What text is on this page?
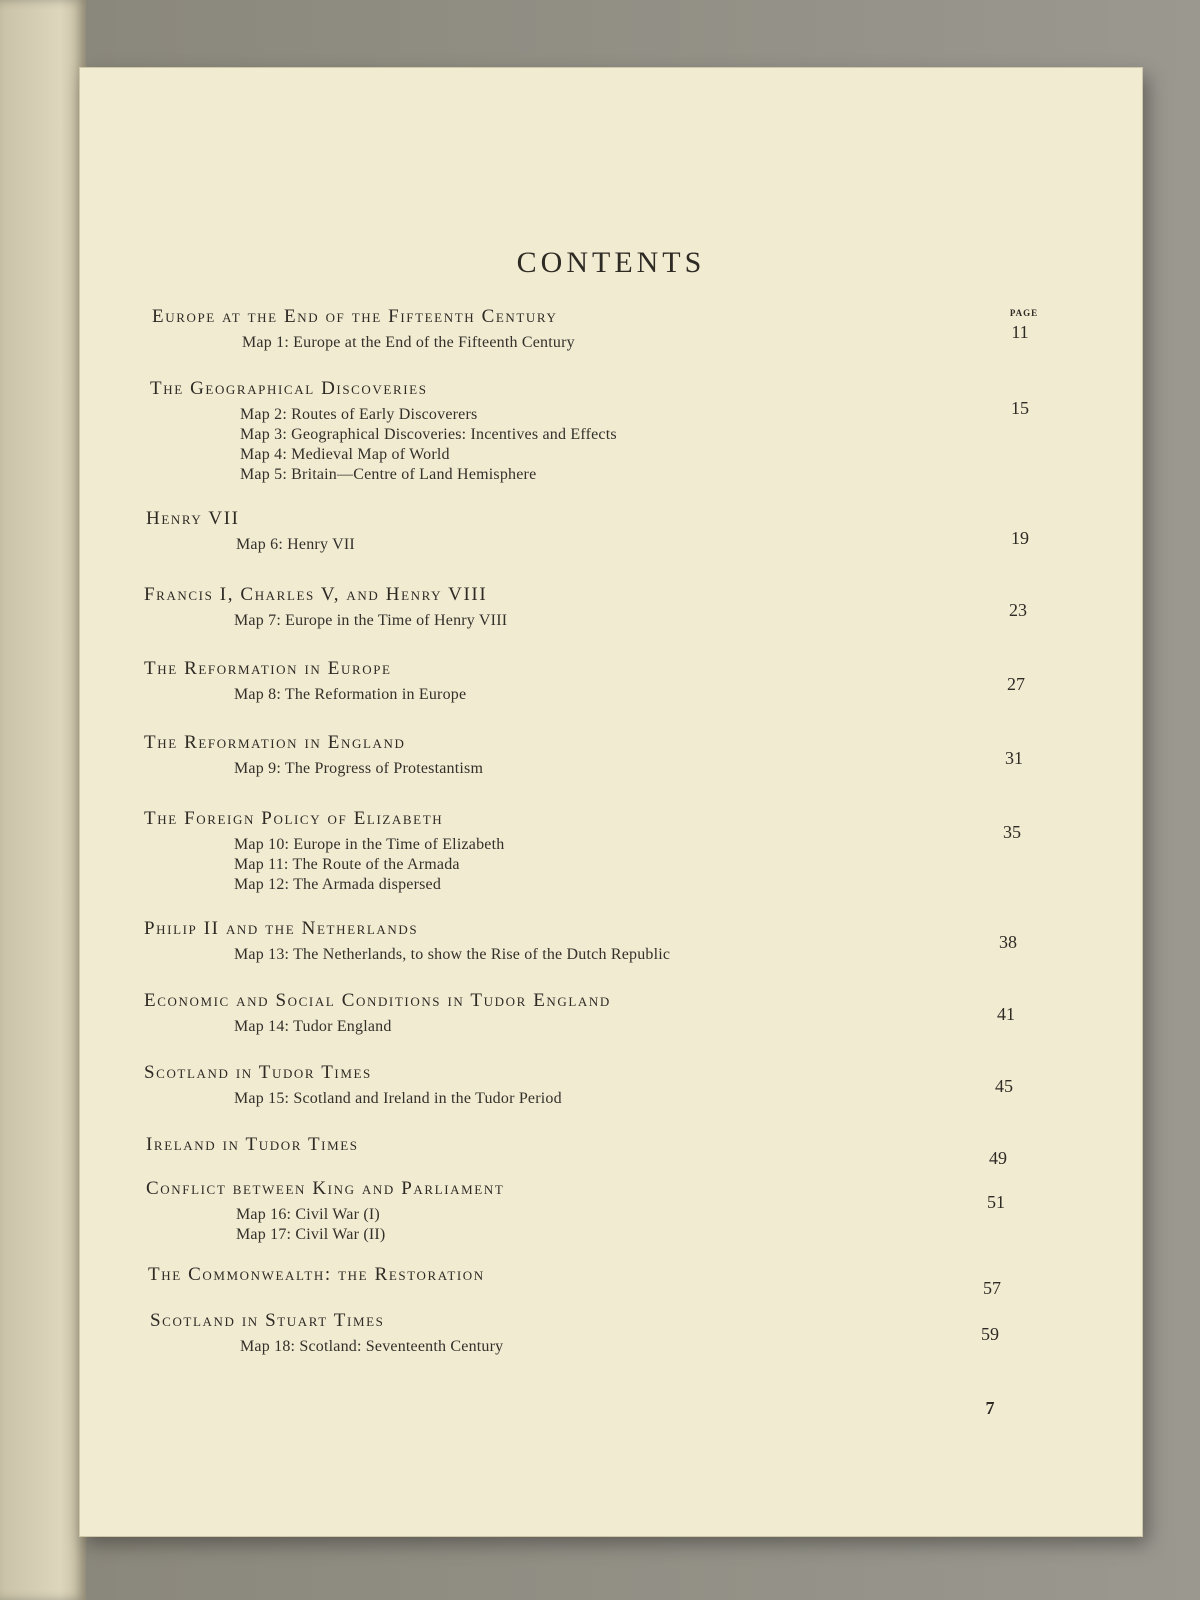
CONTENTS
PAGE
Europe at the End of the Fifteenth Century
Map 1: Europe at the End of the Fifteenth Century
11
The Geographical Discoveries
Map 2: Routes of Early Discoverers
Map 3: Geographical Discoveries: Incentives and Effects
Map 4: Medieval Map of World
Map 5: Britain—Centre of Land Hemisphere
15
Henry VII
Map 6: Henry VII	19
Francis I, Charles V, and Henry VIII
Map 7: Europe in the Time of Henry VIII
23
The Reformation in Europe
Map 8: The Reformation in Europe
27
The Reformation in England
Map 9: The Progress of Protestantism
31
The Foreign Policy of Elizabeth
Map 10: Europe in the Time of Elizabeth
Map 11: The Route of the Armada
Map 12: The Armada dispersed
35
Philip II and the Netherlands
Map 13: The Netherlands, to show the Rise of the Dutch Republic
38
Economic and Social Conditions in Tudor England
Map 14: Tudor England
41
Scotland in Tudor Times
Map 15: Scotland and Ireland in the Tudor Period
45
Ireland in Tudor Times
49
Conflict between King and Parliament
Map 16: Civil War (I)
Map 17: Civil War (II)
51
The Commonwealth: the Restoration
57
Scotland in Stuart Times
Map 18: Scotland: Seventeenth Century
59
7
